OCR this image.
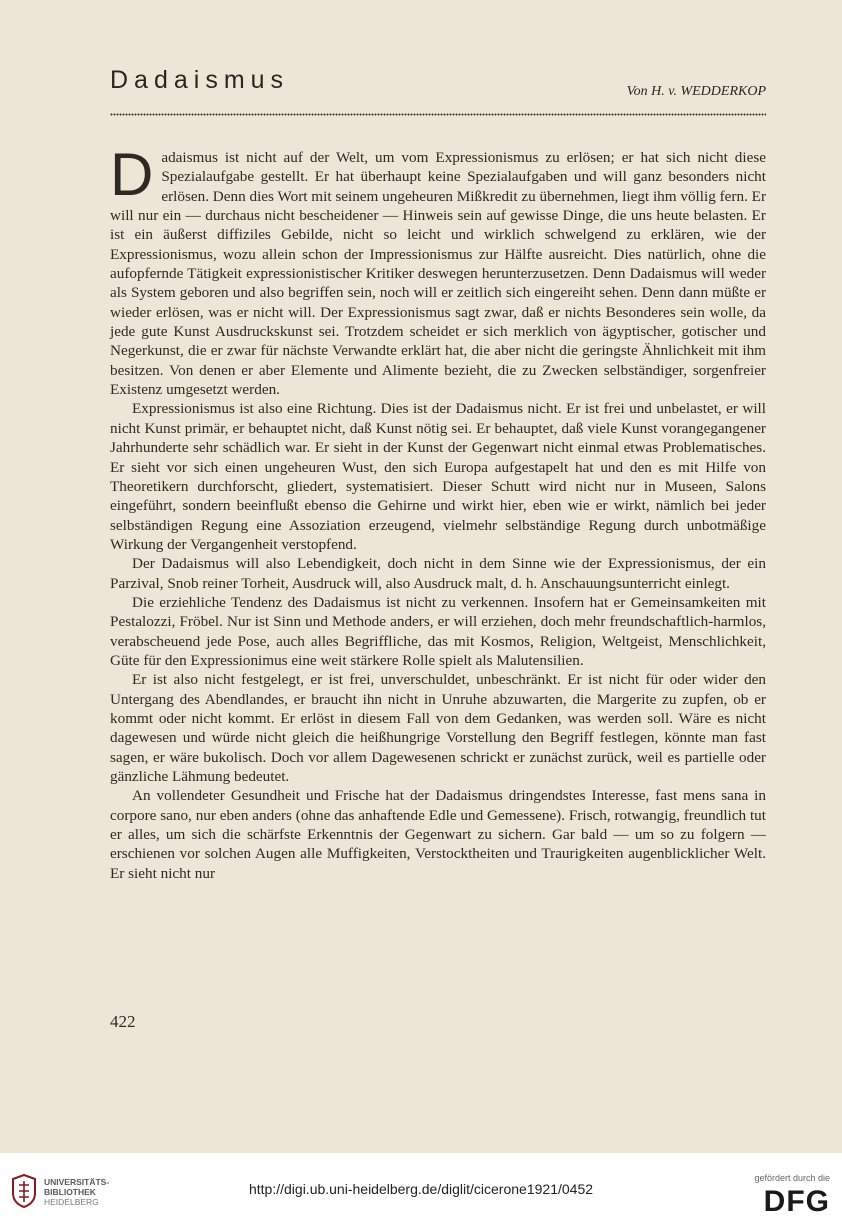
Dadaismus	Von H. v. WEDDERKOP

Dadaismus ist nicht auf der Welt, um vom Expressionismus zu erlösen; er hat sich nicht diese Spezialaufgabe gestellt. Er hat überhaupt keine Spezialaufgaben und will ganz besonders nicht erlösen. Denn dies Wort mit seinem ungeheuren Mißkredit zu übernehmen, liegt ihm völlig fern. Er will nur ein — durchaus nicht bescheidener — Hinweis sein auf gewisse Dinge, die uns heute belasten. Er ist ein äußerst diffiziles Gebilde, nicht so leicht und wirklich schwelgend zu erklären, wie der Expressionismus, wozu allein schon der Impressionismus zur Hälfte ausreicht. Dies natürlich, ohne die aufopfernde Tätigkeit expressionistischer Kritiker deswegen herunterzusetzen. Denn Dadaismus will weder als System geboren und also begriffen sein, noch will er zeitlich sich eingereiht sehen. Denn dann müßte er wieder erlösen, was er nicht will. Der Expressionismus sagt zwar, daß er nichts Besonderes sein wolle, da jede gute Kunst Ausdruckskunst sei. Trotzdem scheidet er sich merklich von ägyptischer, gotischer und Negerkunst, die er zwar für nächste Verwandte erklärt hat, die aber nicht die geringste Ähnlichkeit mit ihm besitzen. Von denen er aber Elemente und Alimente bezieht, die zu Zwecken selbständiger, sorgenfreier Existenz umgesetzt werden.

Expressionismus ist also eine Richtung. Dies ist der Dadaismus nicht. Er ist frei und unbelastet, er will nicht Kunst primär, er behauptet nicht, daß Kunst nötig sei. Er behauptet, daß viele Kunst vorangegangener Jahrhunderte sehr schädlich war. Er sieht in der Kunst der Gegenwart nicht einmal etwas Problematisches. Er sieht vor sich einen ungeheuren Wust, den sich Europa aufgestapelt hat und den es mit Hilfe von Theoretikern durchforscht, gliedert, systematisiert. Dieser Schutt wird nicht nur in Museen, Salons eingeführt, sondern beeinflußt ebenso die Gehirne und wirkt hier, eben wie er wirkt, nämlich bei jeder selbständigen Regung eine Assoziation erzeugend, vielmehr selbständige Regung durch unbotmäßige Wirkung der Vergangenheit verstopfend.

Der Dadaismus will also Lebendigkeit, doch nicht in dem Sinne wie der Expressionismus, der ein Parzival, Snob reiner Torheit, Ausdruck will, also Ausdruck malt, d. h. Anschauungsunterricht einlegt.

Die erziehliche Tendenz des Dadaismus ist nicht zu verkennen. Insofern hat er Gemeinsamkeiten mit Pestalozzi, Fröbel. Nur ist Sinn und Methode anders, er will erziehen, doch mehr freundschaftlich-harmlos, verabscheuend jede Pose, auch alles Begriffliche, das mit Kosmos, Religion, Weltgeist, Menschlichkeit, Güte für den Expressionimus eine weit stärkere Rolle spielt als Malutensilien.

Er ist also nicht festgelegt, er ist frei, unverschuldet, unbeschränkt. Er ist nicht für oder wider den Untergang des Abendlandes, er braucht ihn nicht in Unruhe abzuwarten, die Margerite zu zupfen, ob er kommt oder nicht kommt. Er erlöst in diesem Fall von dem Gedanken, was werden soll. Wäre es nicht dagewesen und würde nicht gleich die heißhungrige Vorstellung den Begriff festlegen, könnte man fast sagen, er wäre bukolisch. Doch vor allem Dagewesenen schrickt er zunächst zurück, weil es partielle oder gänzliche Lähmung bedeutet.

An vollendeter Gesundheit und Frische hat der Dadaismus dringendstes Interesse, fast mens sana in corpore sano, nur eben anders (ohne das anhaftende Edle und Gemessene). Frisch, rotwangig, freundlich tut er alles, um sich die schärfste Erkenntnis der Gegenwart zu sichern. Gar bald — um so zu folgern — erschienen vor solchen Augen alle Muffigkeiten, Verstocktheiten und Traurigkeiten augenblicklicher Welt. Er sieht nicht nur

422
UNIVERSITÄTS-
BIBLIOTHEK
HEIDELBERG
http://digi.ub.uni-heidelberg.de/diglit/cicerone1921/0452
gefördert durch die
DFG
